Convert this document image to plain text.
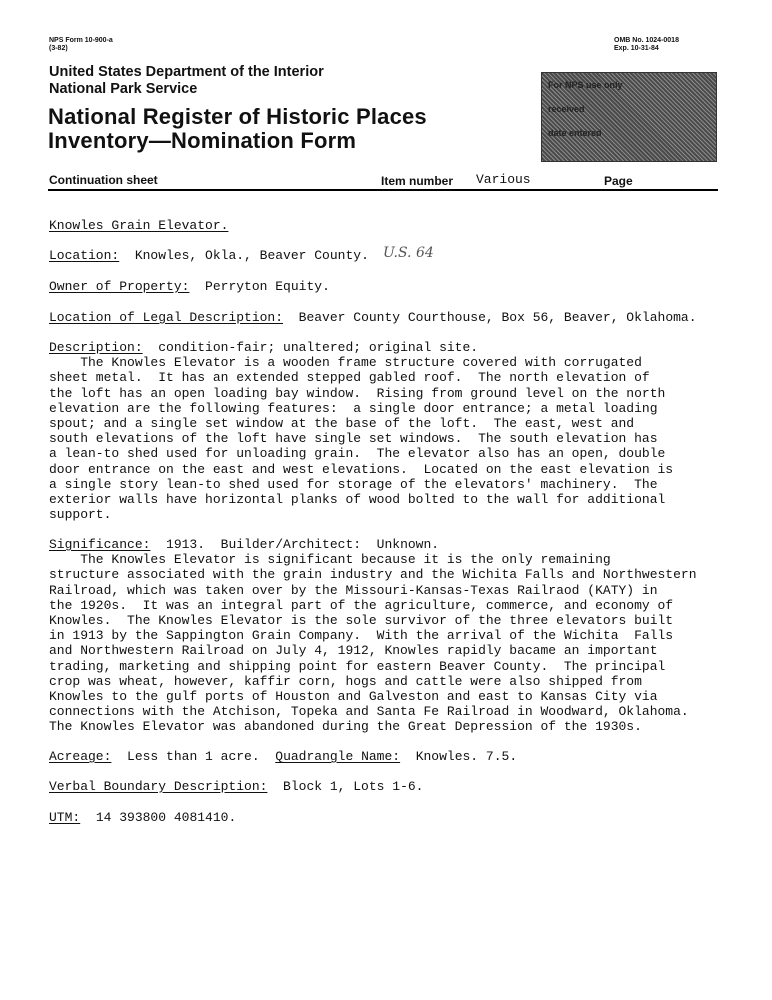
NPS Form 10-900-a
(3-82)
OMB No. 1024-0018
Exp. 10-31-84
United States Department of the Interior
National Park Service
National Register of Historic Places
Inventory—Nomination Form
For NPS use only
received
date entered
Continuation sheet	Item number Various	Page
Knowles Grain Elevator.
Location: Knowles, Okla., Beaver County. U.S. 64
Owner of Property: Perryton Equity.
Location of Legal Description: Beaver County Courthouse, Box 56, Beaver, Oklahoma.
Description: condition-fair; unaltered; original site.
The Knowles Elevator is a wooden frame structure covered with corrugated
sheet metal.  It has an extended stepped gabled roof.  The north elevation of
the loft has an open loading bay window.  Rising from ground level on the north
elevation are the following features:  a single door entrance; a metal loading
spout; and a single set window at the base of the loft.  The east, west and
south elevations of the loft have single set windows.  The south elevation has
a lean-to shed used for unloading grain.  The elevator also has an open, double
door entrance on the east and west elevations.  Located on the east elevation is
a single story lean-to shed used for storage of the elevators' machinery.  The
exterior walls have horizontal planks of wood bolted to the wall for additional
support.
Significance: 1913.  Builder/Architect:  Unknown.
The Knowles Elevator is significant because it is the only remaining
structure associated with the grain industry and the Wichita Falls and Northwestern
Railroad, which was taken over by the Missouri-Kansas-Texas Railraod (KATY) in
the 1920s.  It was an integral part of the agriculture, commerce, and economy of
Knowles.  The Knowles Elevator is the sole survivor of the three elevators built
in 1913 by the Sappington Grain Company.  With the arrival of the Wichita  Falls
and Northwestern Railroad on July 4, 1912, Knowles rapidly bacame an important
trading, marketing and shipping point for eastern Beaver County.  The principal
crop was wheat, however, kaffir corn, hogs and cattle were also shipped from
Knowles to the gulf ports of Houston and Galveston and east to Kansas City via
connections with the Atchison, Topeka and Santa Fe Railroad in Woodward, Oklahoma.
The Knowles Elevator was abandoned during the Great Depression of the 1930s.
Acreage: Less than 1 acre. Quadrangle Name: Knowles. 7.5.
Verbal Boundary Description: Block 1, Lots 1-6.
UTM: 14 393800 4081410.
